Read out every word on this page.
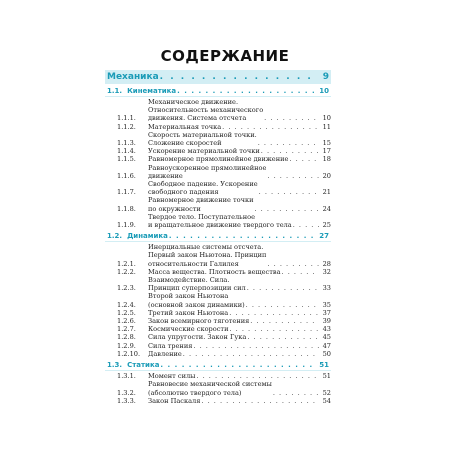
СОДЕРЖАНИЕ
Механика . . .	9
1.1. Кинематика . . .	10
1.1.1.
Механическое движение.
Относительность механического
движения. Система отсчета . . .	10
1.1.2.	Материальная точка . . .	11
1.1.3.
Скорость материальной точки.
Сложение скоростей . . .	15
1.1.4.	Ускорение материальной точки . . .	17
1.1.5.	Равномерное прямолинейное движение . . .	18
1.1.6.
Равноускоренное прямолинейное
движение . . .	20
1.1.7.
Свободное падение. Ускорение
свободного падения . . .	21
1.1.8.
Равномерное движение точки
по окружности . . .	24
1.1.9.
Твердое тело. Поступательное
и вращательное движение твердого тела . . .	25
1.2. Динамика . . .	27
1.2.1.
Инерциальные системы отсчета.
Первый закон Ньютона. Принцип
относительности Галилея . . .	28
1.2.2.	Масса вещества. Плотность вещества . . .	32
1.2.3.
Взаимодействие. Сила.
Принцип суперпозиции сил . . .	33
1.2.4.
Второй закон Ньютона
(основной закон динамики) . . .	35
1.2.5.	Третий закон Ньютона . . .	37
1.2.6.	Закон всемирного тяготения . . .	39
1.2.7.	Космические скорости . . .	43
1.2.8.	Сила упругости. Закон Гука . . .	45
1.2.9.	Сила трения . . .	47
1.2.10.	Давление . . .	50
1.3. Статика . . .	51
1.3.1.	Момент силы . . .	51
1.3.2.
Равновесие механической системы
(абсолютно твердого тела) . . .	52
1.3.3.	Закон Паскаля . . .	54
